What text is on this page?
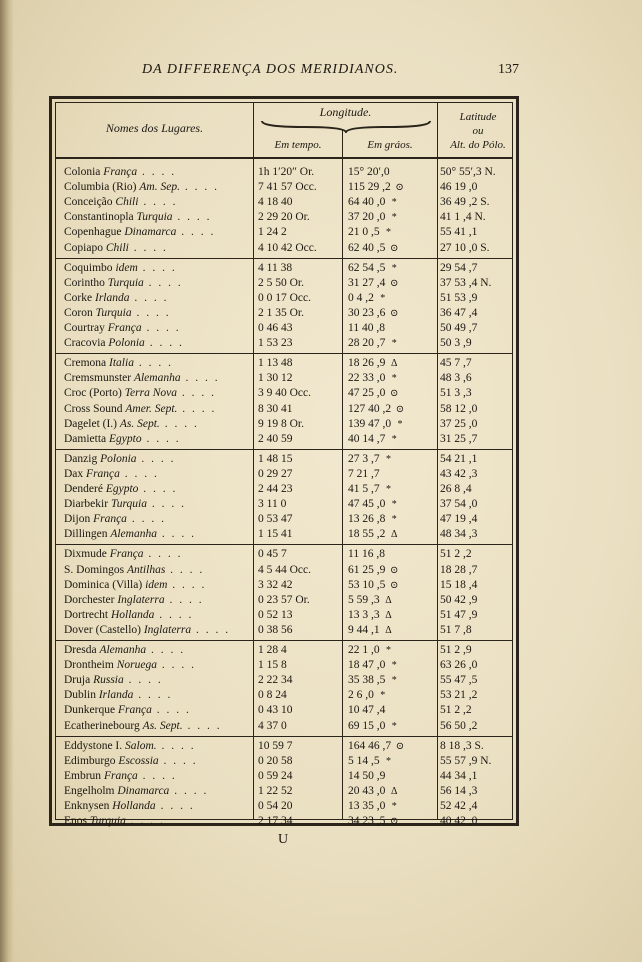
DA DIFFERENÇA DOS MERIDIANOS.	137
Nomes dos Lugares.
Longitude.
Em tempo.	Em gráos.
Latitude
ou
Alt. do Pólo.
Colonia França . . . .	1h 1′20″ Or.	15° 20′,0	50° 55′,3 N.
Columbia (Rio) Am. Sep. . . . .	7 41 57 Occ.	115 29 ,2 ⊙	46 19 ,0
Conceição Chili . . . .	4 18 40	64 40 ,0 *	36 49 ,2 S.
Constantinopla Turquia . . . .	2 29 20 Or.	37 20 ,0 *	41 1 ,4 N.
Copenhague Dinamarca . . . .	1 24 2	21 0 ,5 *	55 41 ,1
Copiapo Chili . . . .	4 10 42 Occ.	62 40 ,5 ⊙	27 10 ,0 S.
Coquimbo idem . . . .	4 11 38	62 54 ,5 *	29 54 ,7
Corintho Turquia . . . .	2 5 50 Or.	31 27 ,4 ⊙	37 53 ,4 N.
Corke Irlanda . . . .	0 0 17 Occ.	0 4 ,2 *	51 53 ,9
Coron Turquia . . . .	2 1 35 Or.	30 23 ,6 ⊙	36 47 ,4
Courtray França . . . .	0 46 43	11 40 ,8	50 49 ,7
Cracovia Polonia . . . .	1 53 23	28 20 ,7 *	50 3 ,9
Cremona Italia . . . .	1 13 48	18 26 ,9 Δ	45 7 ,7
Cremsmunster Alemanha . . . .	1 30 12	22 33 ,0 *	48 3 ,6
Croc (Porto) Terra Nova . . . .	3 9 40 Occ.	47 25 ,0 ⊙	51 3 ,3
Cross Sound Amer. Sept. . . . .	8 30 41	127 40 ,2 ⊙	58 12 ,0
Dagelet (I.) As. Sept. . . . .	9 19 8 Or.	139 47 ,0 *	37 25 ,0
Damietta Egypto . . . .	2 40 59	40 14 ,7 *	31 25 ,7
Danzig Polonia . . . .	1 48 15	27 3 ,7 *	54 21 ,1
Dax França . . . .	0 29 27	7 21 ,7	43 42 ,3
Denderé Egypto . . . .	2 44 23	41 5 ,7 *	26 8 ,4
Diarbekir Turquia . . . .	3 11 0	47 45 ,0 *	37 54 ,0
Dijon França . . . .	0 53 47	13 26 ,8 *	47 19 ,4
Dillingen Alemanha . . . .	1 15 41	18 55 ,2 Δ	48 34 ,3
Dixmude França . . . .	0 45 7	11 16 ,8	51 2 ,2
S. Domingos Antilhas . . . .	4 5 44 Occ.	61 25 ,9 ⊙	18 28 ,7
Dominica (Villa) idem . . . .	3 32 42	53 10 ,5 ⊙	15 18 ,4
Dorchester Inglaterra . . . .	0 23 57 Or.	5 59 ,3 Δ	50 42 ,9
Dortrecht Hollanda . . . .	0 52 13	13 3 ,3 Δ	51 47 ,9
Dover (Castello) Inglaterra . . . .	0 38 56	9 44 ,1 Δ	51 7 ,8
Dresda Alemanha . . . .	1 28 4	22 1 ,0 *	51 2 ,9
Drontheim Noruega . . . .	1 15 8	18 47 ,0 *	63 26 ,0
Druja Russia . . . .	2 22 34	35 38 ,5 *	55 47 ,5
Dublin Irlanda . . . .	0 8 24	2 6 ,0 *	53 21 ,2
Dunkerque França . . . .	0 43 10	10 47 ,4	51 2 ,2
Ecatherinebourg As. Sept. . . . .	4 37 0	69 15 ,0 *	56 50 ,2
Eddystone I. Salom. . . . .	10 59 7	164 46 ,7 ⊙	8 18 ,3 S.
Edimburgo Escossia . . . .	0 20 58	5 14 ,5 *	55 57 ,9 N.
Embrun França . . . .	0 59 24	14 50 ,9	44 34 ,1
Engelholm Dinamarca . . . .	1 22 52	20 43 ,0 Δ	56 14 ,3
Enknysen Hollanda . . . .	0 54 20	13 35 ,0 *	52 42 ,4
Enos Turquia . . . .	2 17 34	34 23 ,5 ⊙	40 42 ,0
U
